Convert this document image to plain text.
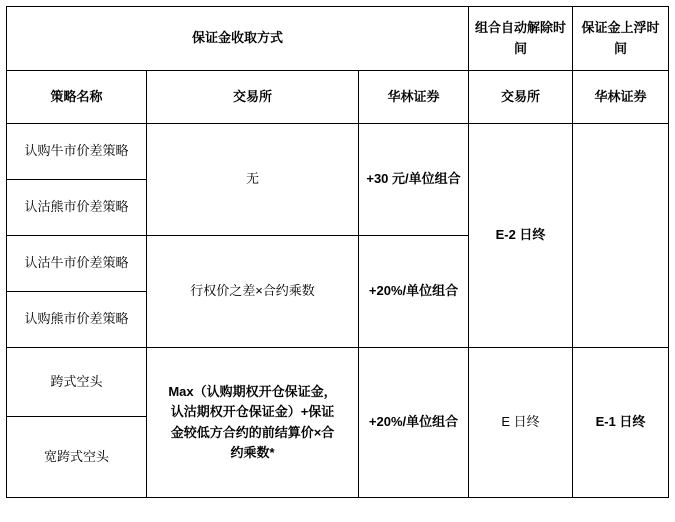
保证金收取方式			组合自动解除时间	保证金上浮时间
策略名称	交易所	华林证券	交易所	华林证券
认购牛市价差策略	无	+30 元/单位组合	E-2 日终	
认沽熊市价差策略				
认沽牛市价差策略	行权价之差×合约乘数	+20%/单位组合		
认购熊市价差策略				
跨式空头	Max（认购期权开仓保证金，
认沽期权开仓保证金）+保证
金较低方合约的前结算价×合
约乘数*	+20%/单位组合	E 日终	E-1 日终
宽跨式空头				
